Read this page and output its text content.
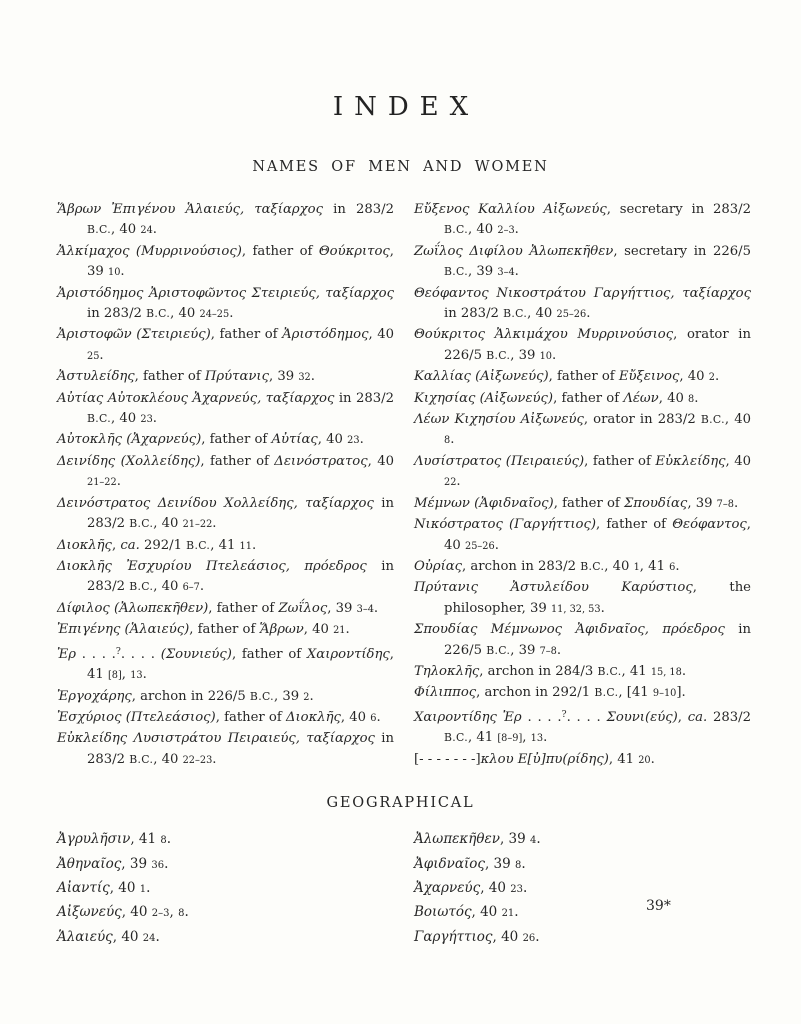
INDEX
NAMES OF MEN AND WOMEN

Ἅβρων Ἐπιγένου Ἁλαιεύς, ταξίαρχος in 283/2 B.C., 40 24.

Ἀλκίμαχος (Μυρρινούσιος), father of Θούκριτος, 39 10.

Ἀριστόδημος Ἀριστοφῶντος Στειριεύς, ταξίαρχος in 283/2 B.C., 40 24–25.

Ἀριστοφῶν (Στειριεύς), father of Ἀριστόδημος, 40 25.

Ἀστυλείδης, father of Πρύτανις, 39 32.

Αὐτίας Αὐτοκλέους Ἀχαρνεύς, ταξίαρχος in 283/2 B.C., 40 23.

Αὐτοκλῆς (Ἀχαρνεύς), father of Αὐτίας, 40 23.

Δεινίδης (Χολλείδης), father of Δεινόστρατος, 40 21–22.

Δεινόστρατος Δεινίδου Χολλείδης, ταξίαρχος in 283/2 B.C., 40 21–22.

Διοκλῆς, ca. 292/1 B.C., 41 11.

Διοκλῆς Ἐσχυρίου Πτελεάσιος, πρόεδρος in 283/2 B.C., 40 6–7.

Δίφιλος (Ἀλωπεκῆθεν), father of Ζωΐλος, 39 3–4.

Ἐπιγένης (Ἁλαιεύς), father of Ἅβρων, 40 21.

Ἐρ . . . .?. . . . (Σουνιεύς), father of Χαιροντίδης, 41 [8], 13.

Ἐργοχάρης, archon in 226/5 B.C., 39 2.

Ἐσχύριος (Πτελεάσιος), father of Διοκλῆς, 40 6.

Εὐκλείδης Λυσιστράτου Πειραιεύς, ταξίαρχος in 283/2 B.C., 40 22–23.

Εὔξενος Καλλίου Αἰξωνεύς, secretary in 283/2 B.C., 40 2–3.

Ζωΐλος Διφίλου Ἀλωπεκῆθεν, secretary in 226/5 B.C., 39 3–4.

Θεόφαντος Νικοστράτου Γαργήττιος, ταξίαρχος in 283/2 B.C., 40 25–26.

Θούκριτος Ἀλκιμάχου Μυρρινούσιος, orator in 226/5 B.C., 39 10.

Καλλίας (Αἰξωνεύς), father of Εὔξεινος, 40 2.

Κιχησίας (Αἰξωνεύς), father of Λέων, 40 8.

Λέων Κιχησίου Αἰξωνεύς, orator in 283/2 B.C., 40 8.

Λυσίστρατος (Πειραιεύς), father of Εὐκλείδης, 40 22.

Μέμνων (Ἀφιδναῖος), father of Σπουδίας, 39 7–8.

Νικόστρατος (Γαργήττιος), father of Θεόφαντος, 40 25–26.

Οὐρίας, archon in 283/2 B.C., 40 1, 41 6.

Πρύτανις Ἀστυλείδου Καρύστιος, the philosopher, 39 11, 32, 53.

Σπουδίας Μέμνωνος Ἀφιδναῖος, πρόεδρος in 226/5 B.C., 39 7–8.

Τηλοκλῆς, archon in 284/3 B.C., 41 15, 18.

Φίλιππος, archon in 292/1 B.C., [41 9–10].

Χαιροντίδης Ἐρ . . . .?. . . . Σουνι(εύς), ca. 283/2 B.C., 41 [8–9], 13.

[- - - - - - -]κλου Ε[ὐ]πυ(ρίδης), 41 20.

GEOGRAPHICAL

Ἀγρυλῆσιν, 41 8.

Ἀθηναῖος, 39 36.

Αἰαντίς, 40 1.

Αἰξωνεύς, 40 2–3, 8.

Ἁλαιεύς, 40 24.

Ἀλωπεκῆθεν, 39 4.

Ἀφιδναῖος, 39 8.

Ἀχαρνεύς, 40 23.

Βοιωτός, 40 21.

Γαργήττιος, 40 26.

39*
